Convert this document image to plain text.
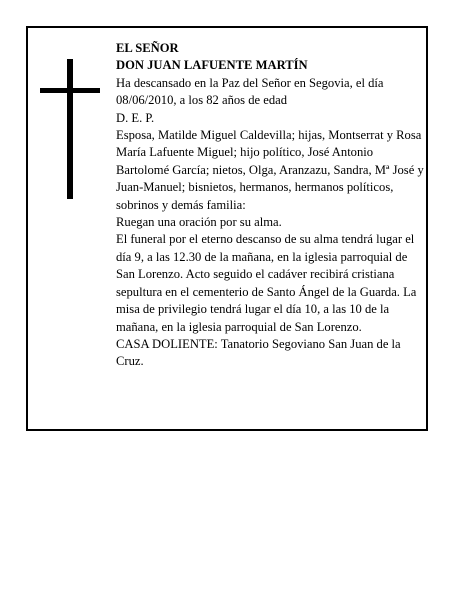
EL SEÑOR

DON JUAN LAFUENTE MARTÍN

Ha descansado en la Paz del Señor en Segovia, el día 08/06/2010, a los 82 años de edad

D. E. P.

Esposa, Matilde Miguel Caldevilla; hijas, Montserrat y Rosa María Lafuente Miguel; hijo político, José Antonio Bartolomé García; nietos, Olga, Aranzazu, Sandra, Mª José y Juan-Manuel; bisnietos, hermanos, hermanos políticos, sobrinos y demás familia:

Ruegan una oración por su alma.

El funeral por el eterno descanso de su alma tendrá lugar el día 9, a las 12.30 de la mañana, en la iglesia parroquial de San Lorenzo. Acto seguido el cadáver recibirá cristiana sepultura en el cementerio de Santo Ángel de la Guarda. La misa de privilegio tendrá lugar el día 10, a las 10 de la mañana, en la iglesia parroquial de San Lorenzo.

CASA DOLIENTE: Tanatorio Segoviano San Juan de la Cruz.
